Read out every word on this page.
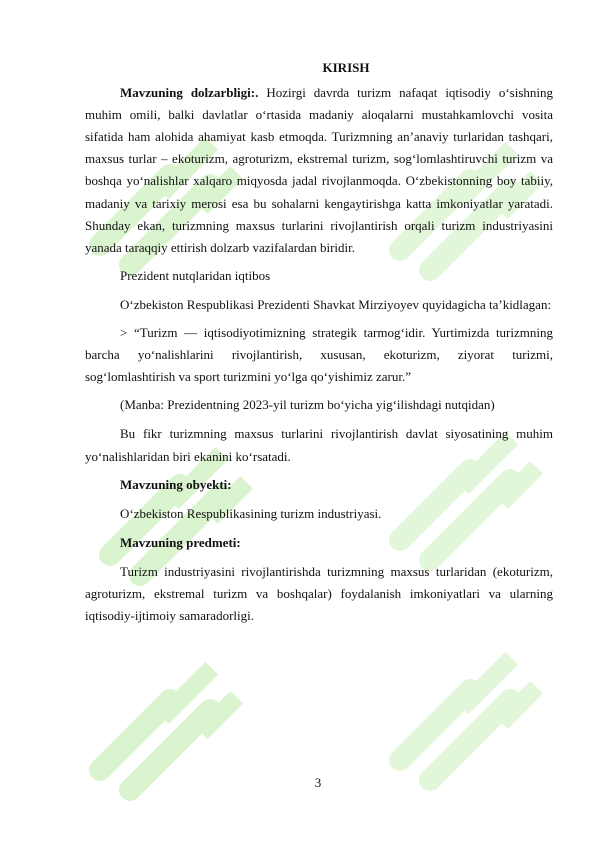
KIRISH

Mavzuning dolzarbligi:. Hozirgi davrda turizm nafaqat iqtisodiy o‘sishning muhim omili, balki davlatlar o‘rtasida madaniy aloqalarni mustahkamlovchi vosita sifatida ham alohida ahamiyat kasb etmoqda. Turizmning an’anaviy turlaridan tashqari, maxsus turlar – ekoturizm, agroturizm, ekstremal turizm, sog‘lomlashtiruvchi turizm va boshqa yo‘nalishlar xalqaro miqyosda jadal rivojlanmoqda. O‘zbekistonning boy tabiiy, madaniy va tarixiy merosi esa bu sohalarni kengaytirishga katta imkoniyatlar yaratadi. Shunday ekan, turizmning maxsus turlarini rivojlantirish orqali turizm industriyasini yanada taraqqiy ettirish dolzarb vazifalardan biridir.

Prezident nutqlaridan iqtibos

O‘zbekiston Respublikasi Prezidenti Shavkat Mirziyoyev quyidagicha ta’kidlagan:

> “Turizm — iqtisodiyotimizning strategik tarmog‘idir. Yurtimizda turizmning barcha yo‘nalishlarini rivojlantirish, xususan, ekoturizm, ziyorat turizmi, sog‘lomlashtirish va sport turizmini yo‘lga qo‘yishimiz zarur.”

(Manba: Prezidentning 2023-yil turizm bo‘yicha yig‘ilishdagi nutqidan)

Bu fikr turizmning maxsus turlarini rivojlantirish davlat siyosatining muhim yo‘nalishlaridan biri ekanini ko‘rsatadi.

Mavzuning obyekti:

O‘zbekiston Respublikasining turizm industriyasi.

Mavzuning predmeti:

Turizm industriyasini rivojlantirishda turizmning maxsus turlaridan (ekoturizm, agroturizm, ekstremal turizm va boshqalar) foydalanish imkoniyatlari va ularning iqtisodiy-ijtimoiy samaradorligi.

3
